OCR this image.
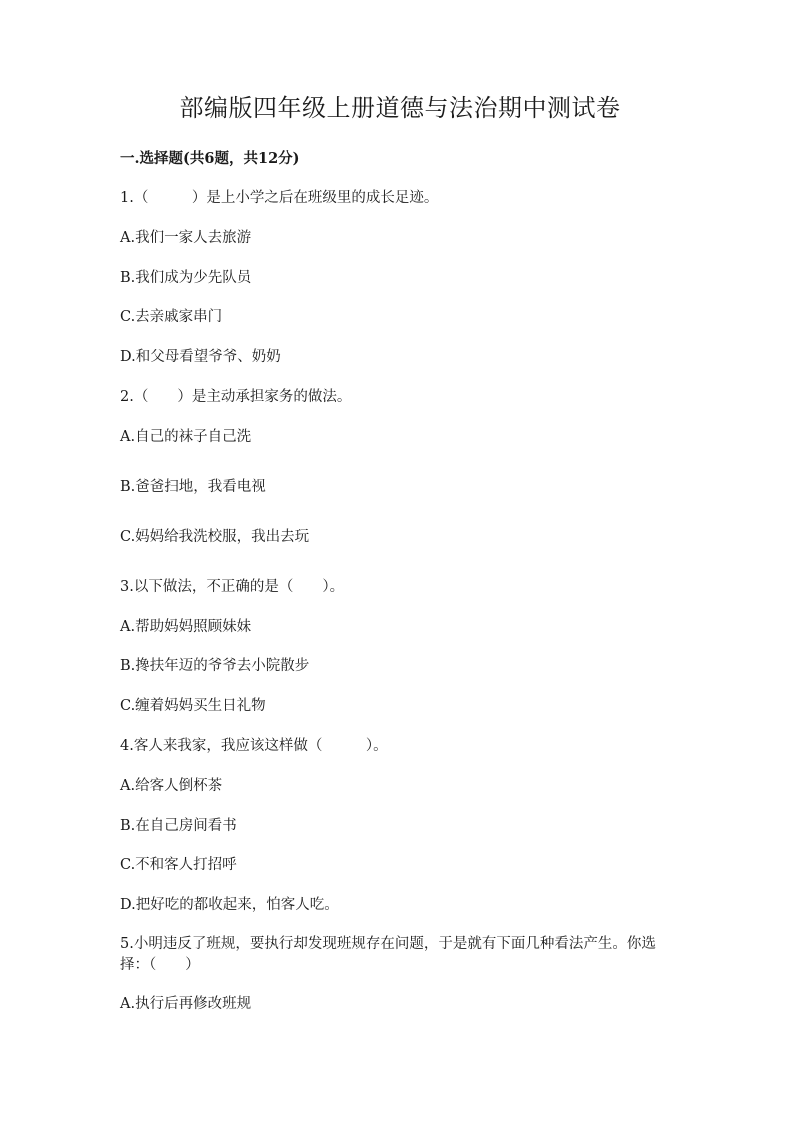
部编版四年级上册道德与法治期中测试卷
一.选择题(共6题，共12分)
1.（　　　）是上小学之后在班级里的成长足迹。
A.我们一家人去旅游
B.我们成为少先队员
C.去亲戚家串门
D.和父母看望爷爷、奶奶
2.（　　）是主动承担家务的做法。
A.自己的袜子自己洗
B.爸爸扫地，我看电视
C.妈妈给我洗校服，我出去玩
3.以下做法，不正确的是（　　）。
A.帮助妈妈照顾妹妹
B.搀扶年迈的爷爷去小院散步
C.缠着妈妈买生日礼物
4.客人来我家，我应该这样做（　　　）。
A.给客人倒杯茶
B.在自己房间看书
C.不和客人打招呼
D.把好吃的都收起来，怕客人吃。
5.小明违反了班规，要执行却发现班规存在问题，于是就有下面几种看法产生。你选择：（　　）
A.执行后再修改班规
